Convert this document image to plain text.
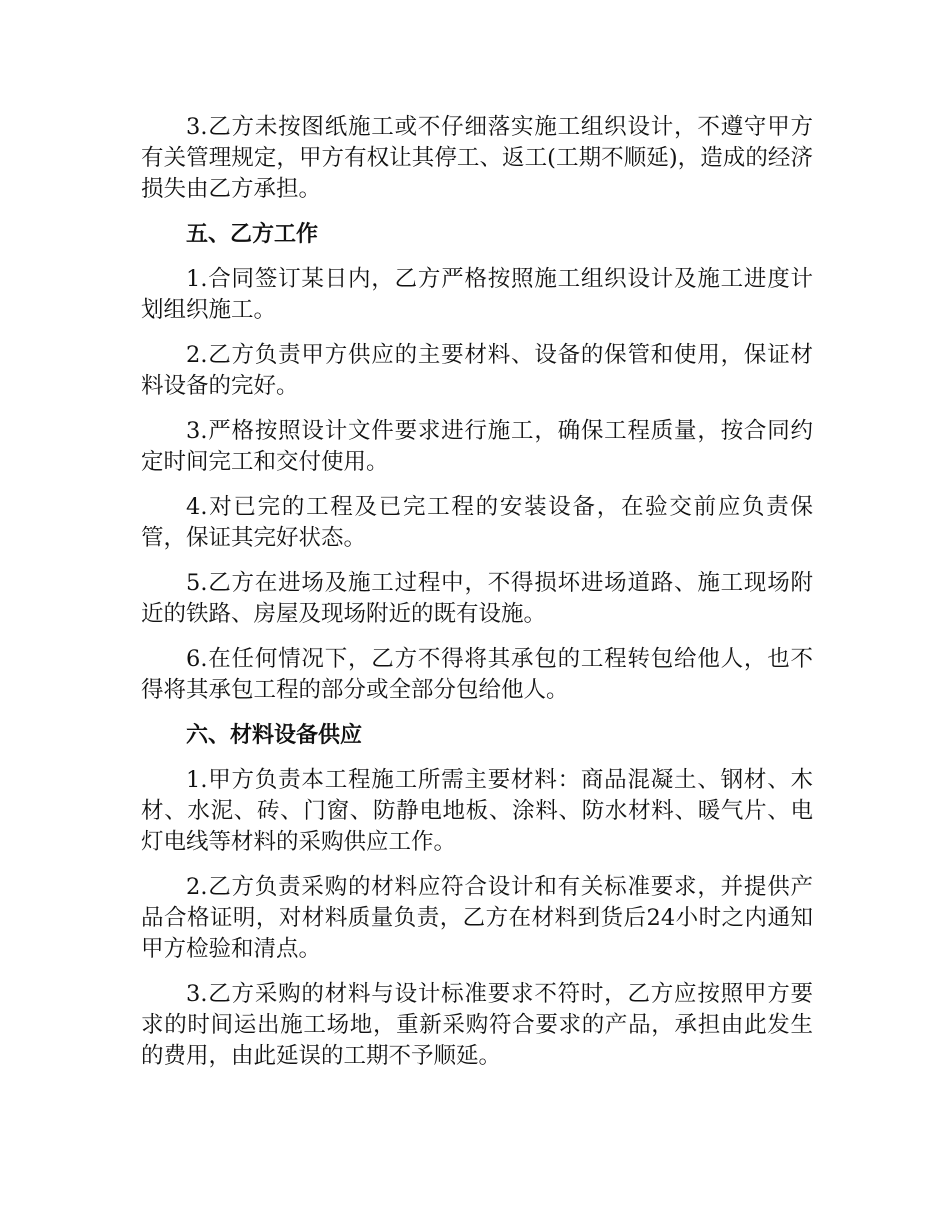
3.乙方未按图纸施工或不仔细落实施工组织设计，不遵守甲方有关管理规定，甲方有权让其停工、返工(工期不顺延)，造成的经济损失由乙方承担。

五、乙方工作

1.合同签订某日内，乙方严格按照施工组织设计及施工进度计划组织施工。

2.乙方负责甲方供应的主要材料、设备的保管和使用，保证材料设备的完好。

3.严格按照设计文件要求进行施工，确保工程质量，按合同约定时间完工和交付使用。

4.对已完的工程及已完工程的安装设备，在验交前应负责保管，保证其完好状态。

5.乙方在进场及施工过程中，不得损坏进场道路、施工现场附近的铁路、房屋及现场附近的既有设施。

6.在任何情况下，乙方不得将其承包的工程转包给他人，也不得将其承包工程的部分或全部分包给他人。

六、材料设备供应

1.甲方负责本工程施工所需主要材料：商品混凝土、钢材、木材、水泥、砖、门窗、防静电地板、涂料、防水材料、暖气片、电灯电线等材料的采购供应工作。

2.乙方负责采购的材料应符合设计和有关标准要求，并提供产品合格证明，对材料质量负责，乙方在材料到货后24小时之内通知甲方检验和清点。

3.乙方采购的材料与设计标准要求不符时，乙方应按照甲方要求的时间运出施工场地，重新采购符合要求的产品，承担由此发生的费用，由此延误的工期不予顺延。
